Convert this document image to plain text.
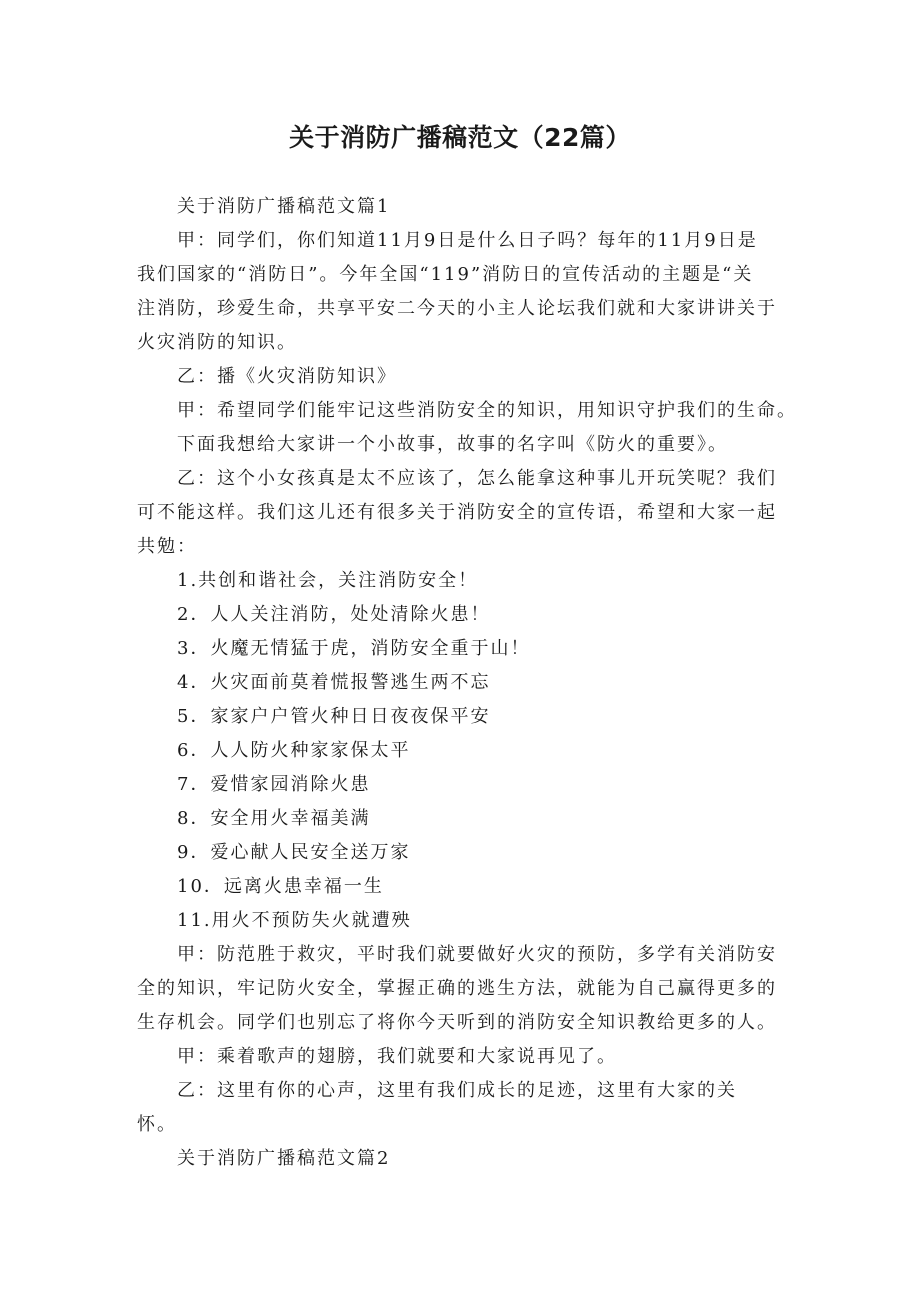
关于消防广播稿范文（22篇）

关于消防广播稿范文篇1

甲：同学们，你们知道11月9日是什么日子吗？每年的11月9日是

我们国家的“消防日”。今年全国“119”消防日的宣传活动的主题是“关

注消防，珍爱生命，共享平安二今天的小主人论坛我们就和大家讲讲关于

火灾消防的知识。

乙：播《火灾消防知识》

甲：希望同学们能牢记这些消防安全的知识，用知识守护我们的生命。

下面我想给大家讲一个小故事，故事的名字叫《防火的重要》。

乙：这个小女孩真是太不应该了，怎么能拿这种事儿开玩笑呢？我们

可不能这样。我们这儿还有很多关于消防安全的宣传语，希望和大家一起

共勉：

1.共创和谐社会，关注消防安全！

2．人人关注消防，处处清除火患！

3．火魔无情猛于虎，消防安全重于山！

4．火灾面前莫着慌报警逃生两不忘

5．家家户户管火种日日夜夜保平安

6．人人防火种家家保太平

7．爱惜家园消除火患

8．安全用火幸福美满

9．爱心献人民安全送万家

10．远离火患幸福一生

11.用火不预防失火就遭殃

甲：防范胜于救灾，平时我们就要做好火灾的预防，多学有关消防安

全的知识，牢记防火安全，掌握正确的逃生方法，就能为自己赢得更多的

生存机会。同学们也别忘了将你今天听到的消防安全知识教给更多的人。

甲：乘着歌声的翅膀，我们就要和大家说再见了。

乙：这里有你的心声，这里有我们成长的足迹，这里有大家的关

怀。

关于消防广播稿范文篇2
